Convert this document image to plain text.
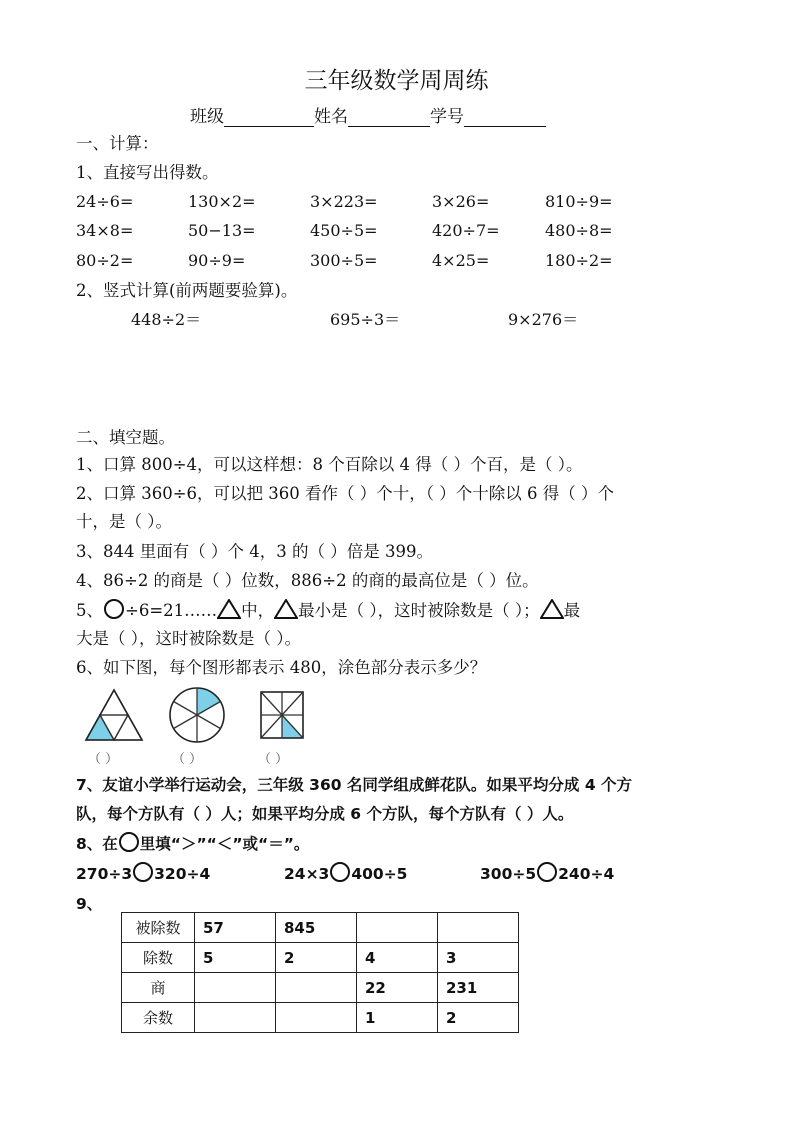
三年级数学周周练
班级	姓名	学号
一、计算：
1、直接写出得数。
24÷6=	130×2=	3×223=	3×26=	810÷9=
34×8=	50−13=	450÷5=	420÷7=	480÷8=
80÷2=	90÷9=	300÷5=	4×25=	180÷2=
2、竖式计算(前两题要验算)。
448÷2＝	695÷3＝	9×276＝
二、填空题。
1、口算 800÷4，可以这样想：8 个百除以 4 得（ ）个百，是（ ）。
2、口算 360÷6，可以把 360 看作（ ）个十，（ ）个十除以 6 得（ ）个
十，是（ ）。
3、844 里面有（ ）个 4，3 的（ ）倍是 399。
4、86÷2 的商是（ ）位数，886÷2 的商的最高位是（ ）位。
5、 ÷6=21…… 中， 最小是（ ），这时被除数是（ ）； 最
大是（ ），这时被除数是（ ）。
6、如下图，每个图形都表示 480，涂色部分表示多少？
（ ）	（ ）	（ ）
7、友谊小学举行运动会，三年级 360 名同学组成鲜花队。如果平均分成 4 个方
队，每个方队有（ ）人；如果平均分成 6 个方队，每个方队有（ ）人。
8、在 里填“＞”“＜”或“＝”。
270÷3 320÷4	24×3 400÷5	300÷5 240÷4
9、
被除数	57	845		
除数	5	2	4	3
商			22	231
余数			1	2
